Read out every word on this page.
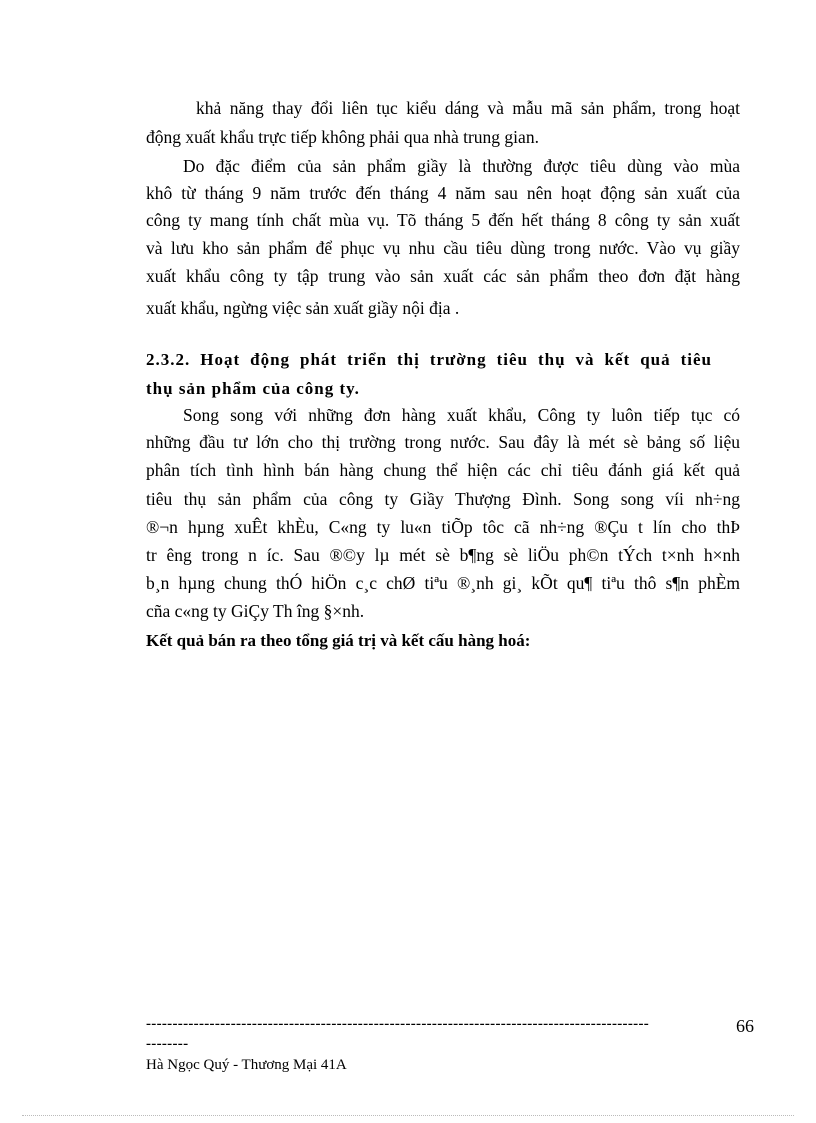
khả năng thay đổi liên tục kiểu dáng và mẫu mã sản phẩm, trong hoạt
động xuất khẩu trực tiếp không phải qua nhà trung gian.
Do đặc điểm của sản phẩm giầy là thường được tiêu dùng vào mùa
khô từ tháng 9 năm trước đến tháng 4 năm sau nên hoạt động sản xuất của
công ty mang tính chất mùa vụ. Tõ tháng 5 đến hết tháng 8 công ty sản xuất
và lưu kho sản phẩm để phục vụ nhu cầu tiêu dùng trong nước. Vào vụ giầy
xuất khẩu công ty tập trung vào sản xuất các sản phẩm theo đơn đặt hàng
xuất khẩu, ngừng việc sản xuất giầy nội địa .
2.3.2. Hoạt động phát triển thị trường tiêu thụ và kết quả tiêu
thụ sản phẩm của công ty.
Song song với những đơn hàng xuất khẩu, Công ty luôn tiếp tục có
những đầu tư lớn cho thị trường trong nước. Sau đây là mét sè bảng số liệu
phân tích tình hình bán hàng chung thể hiện các chỉ tiêu đánh giá kết quả
tiêu thụ sản phẩm của công ty Giầy Thượng Đình. Song song víi nh÷ng
®¬n hµng xuÊt khÈu, C«ng ty lu«n tiÕp tôc cã nh÷ng ®Çu t lín cho thÞ
tr êng trong n íc. Sau ®©y lµ mét sè b¶ng sè liÖu ph©n tÝch t×nh h×nh
b¸n hµng chung thÓ hiÖn c¸c chØ tiªu ®¸nh gi¸ kÕt qu¶ tiªu thô s¶n phÈm
cña c«ng ty GiÇy Th îng §×nh.
Kết quả bán ra theo tổng giá trị và kết cấu hàng hoá:
-----------------------------------------------------------------------------------------------
--------
66
Hà Ngọc Quý - Thương Mại 41A
